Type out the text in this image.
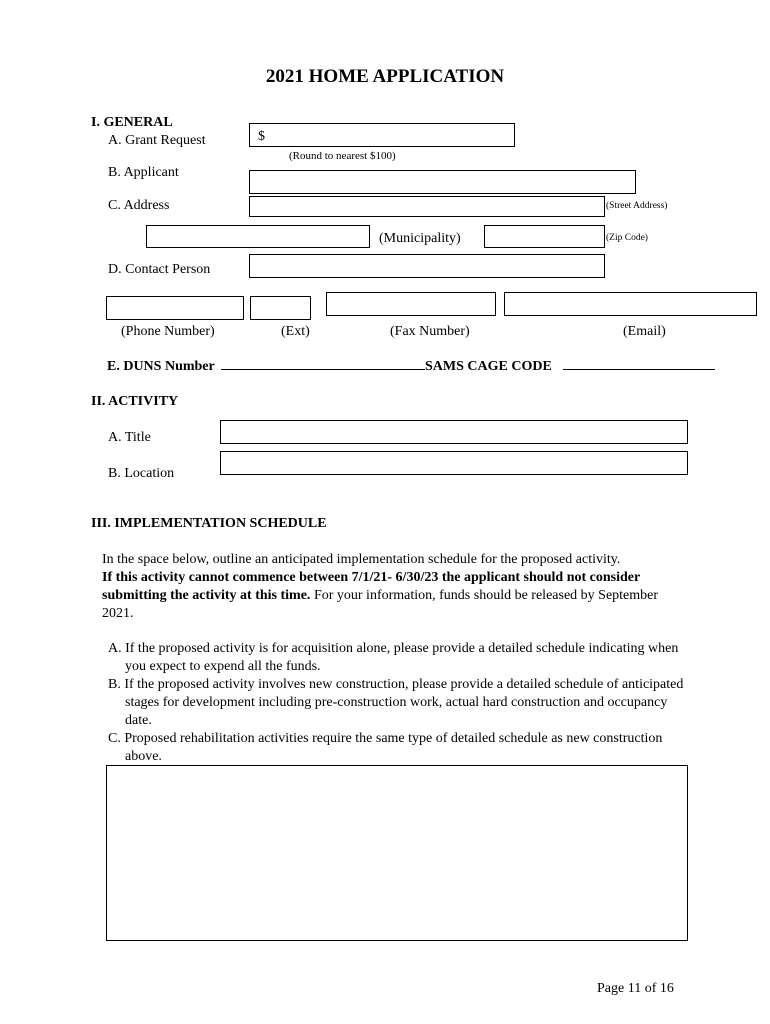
2021 HOME APPLICATION
I. GENERAL
A. Grant Request	$
(Round to nearest $100)
B. Applicant
C. Address	(Street Address)
(Municipality)	(Zip Code)
D. Contact Person
(Phone Number)	(Ext)	(Fax Number)	(Email)
E. DUNS Number	SAMS CAGE CODE
II. ACTIVITY
A. Title
B. Location
III. IMPLEMENTATION SCHEDULE
In the space below, outline an anticipated implementation schedule for the proposed activity.
If this activity cannot commence between 7/1/21- 6/30/23 the applicant should not consider submitting the activity at this time. For your information, funds should be released by September 2021.
A. If the proposed activity is for acquisition alone, please provide a detailed schedule indicating when you expect to expend all the funds.
B. If the proposed activity involves new construction, please provide a detailed schedule of anticipated stages for development including pre-construction work, actual hard construction and occupancy date.
C. Proposed rehabilitation activities require the same type of detailed schedule as new construction above.
Page 11 of 16
